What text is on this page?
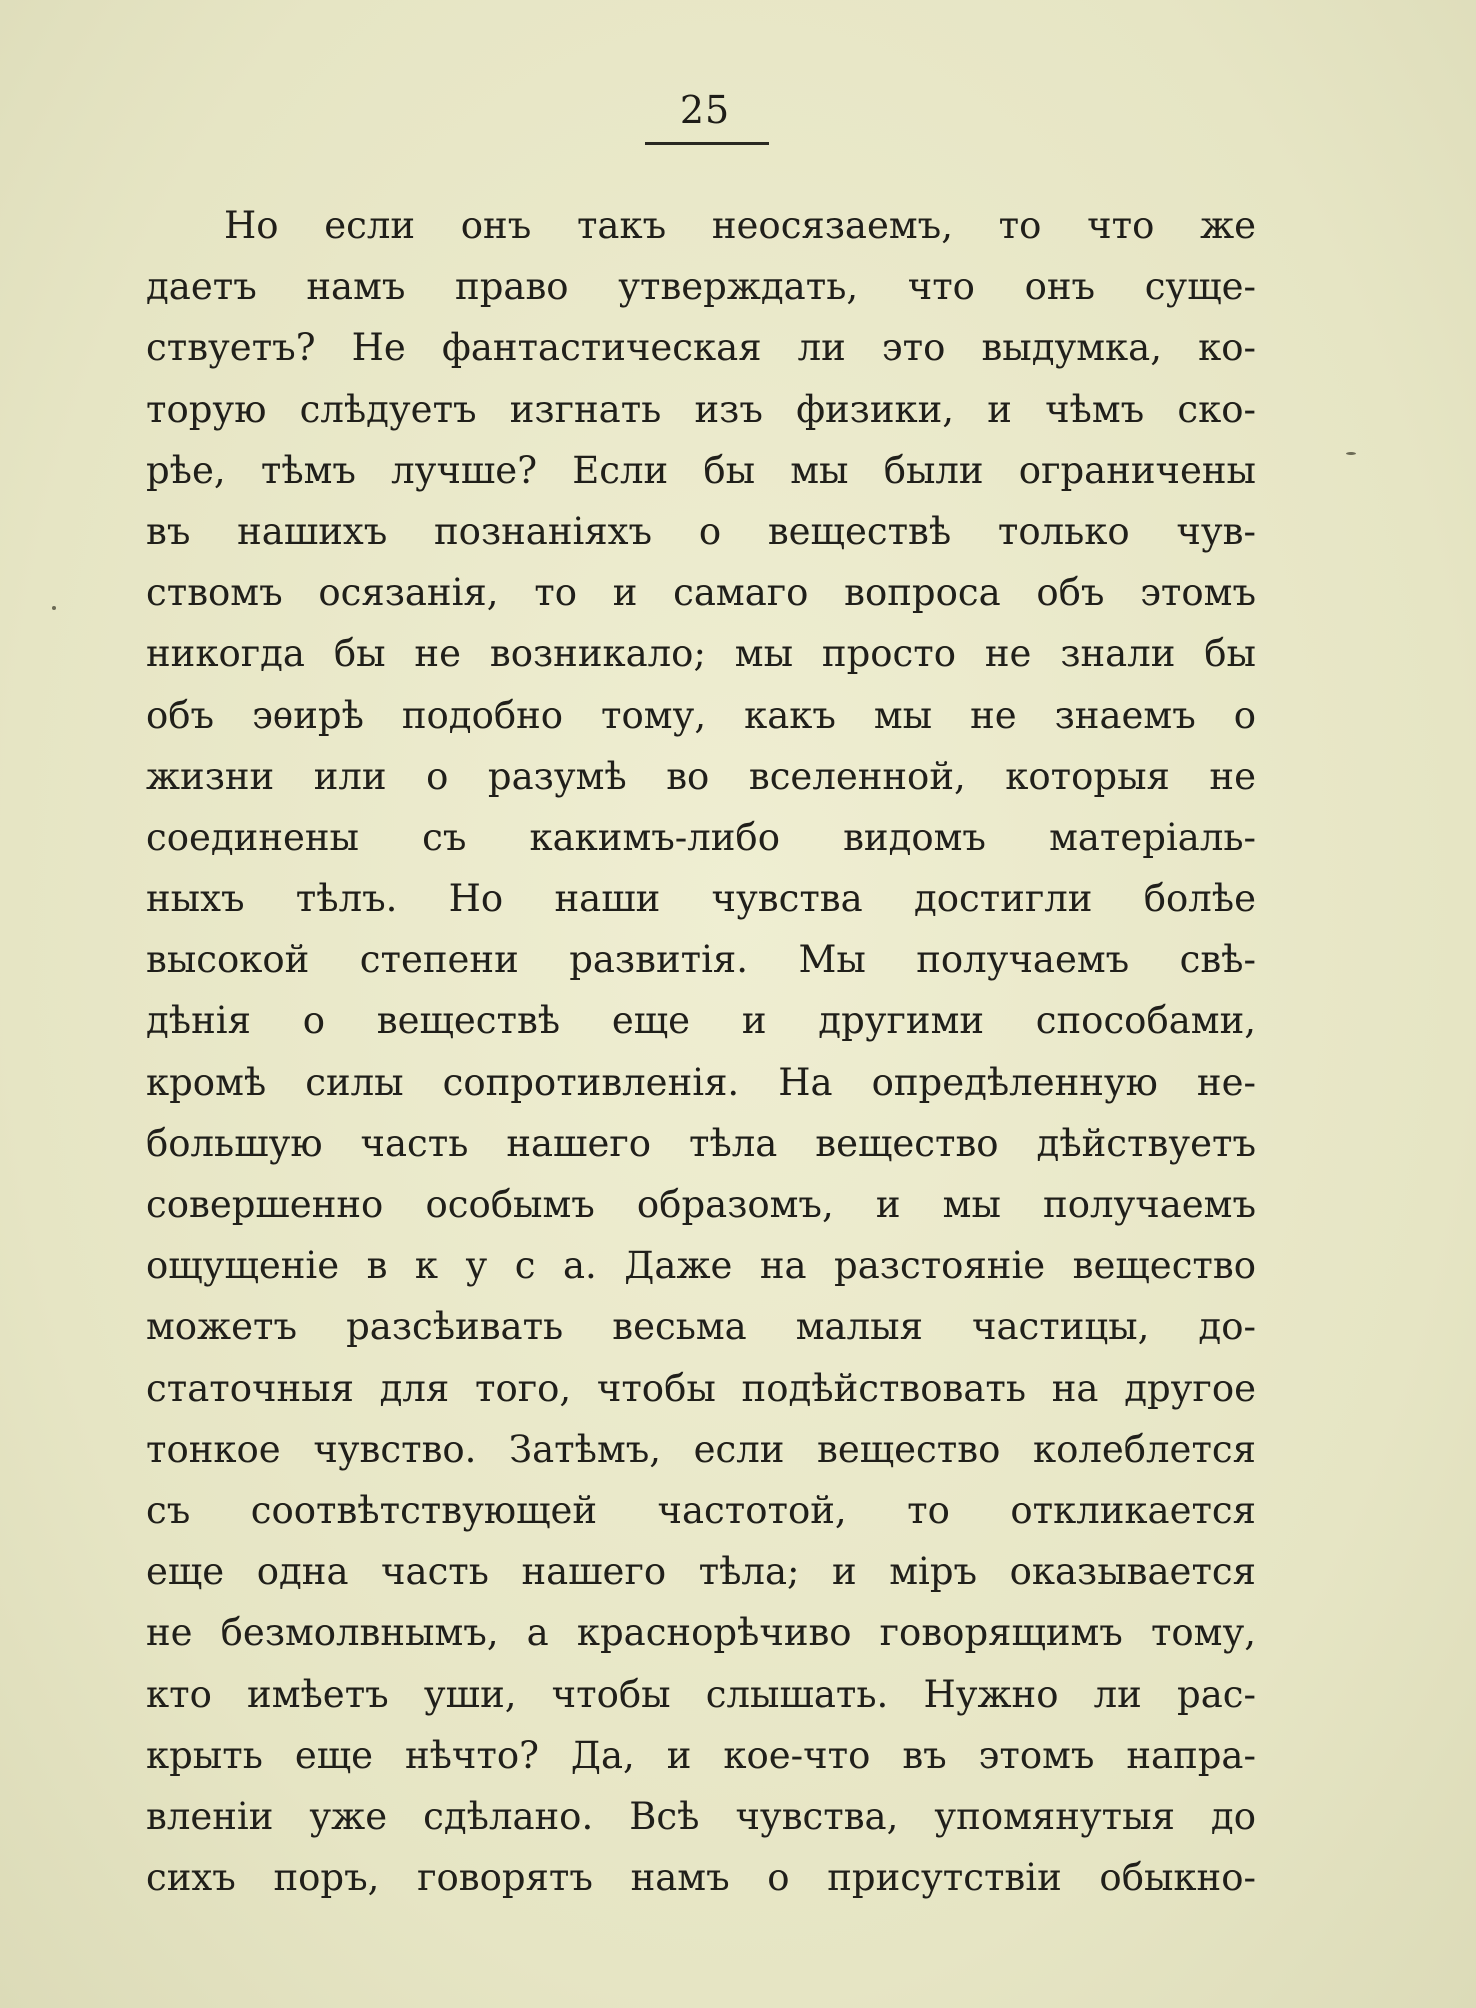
25
Но если онъ такъ неосязаемъ, то что же
даетъ намъ право утверждать, что онъ суще-
ствуетъ? Не фантастическая ли это выдумка, ко-
торую слѣдуетъ изгнать изъ физики, и чѣмъ ско-
рѣе, тѣмъ лучше? Если бы мы были ограничены
въ нашихъ познаніяхъ о веществѣ только чув-
ствомъ осязанія, то и самаго вопроса объ этомъ
никогда бы не возникало; мы просто не знали бы
объ эѳирѣ подобно тому, какъ мы не знаемъ о
жизни или о разумѣ во вселенной, которыя не
соединены съ какимъ-либо видомъ матеріаль-
ныхъ тѣлъ. Но наши чувства достигли болѣе
высокой степени развитія. Мы получаемъ свѣ-
дѣнія о веществѣ еще и другими способами,
кромѣ силы сопротивленія. На опредѣленную не-
большую часть нашего тѣла вещество дѣйствуетъ
совершенно особымъ образомъ, и мы получаемъ
ощущеніе в к у с а. Даже на разстояніе вещество
можетъ разсѣивать весьма малыя частицы, до-
статочныя для того, чтобы подѣйствовать на другое
тонкое чувство. Затѣмъ, если вещество колеблется
съ соотвѣтствующей частотой, то откликается
еще одна часть нашего тѣла; и міръ оказывается
не безмолвнымъ, а краснорѣчиво говорящимъ тому,
кто имѣетъ уши, чтобы слышать. Нужно ли рас-
крыть еще нѣчто? Да, и кое-что въ этомъ напра-
вленіи уже сдѣлано. Всѣ чувства, упомянутыя до
сихъ поръ, говорятъ намъ о присутствіи обыкно-
